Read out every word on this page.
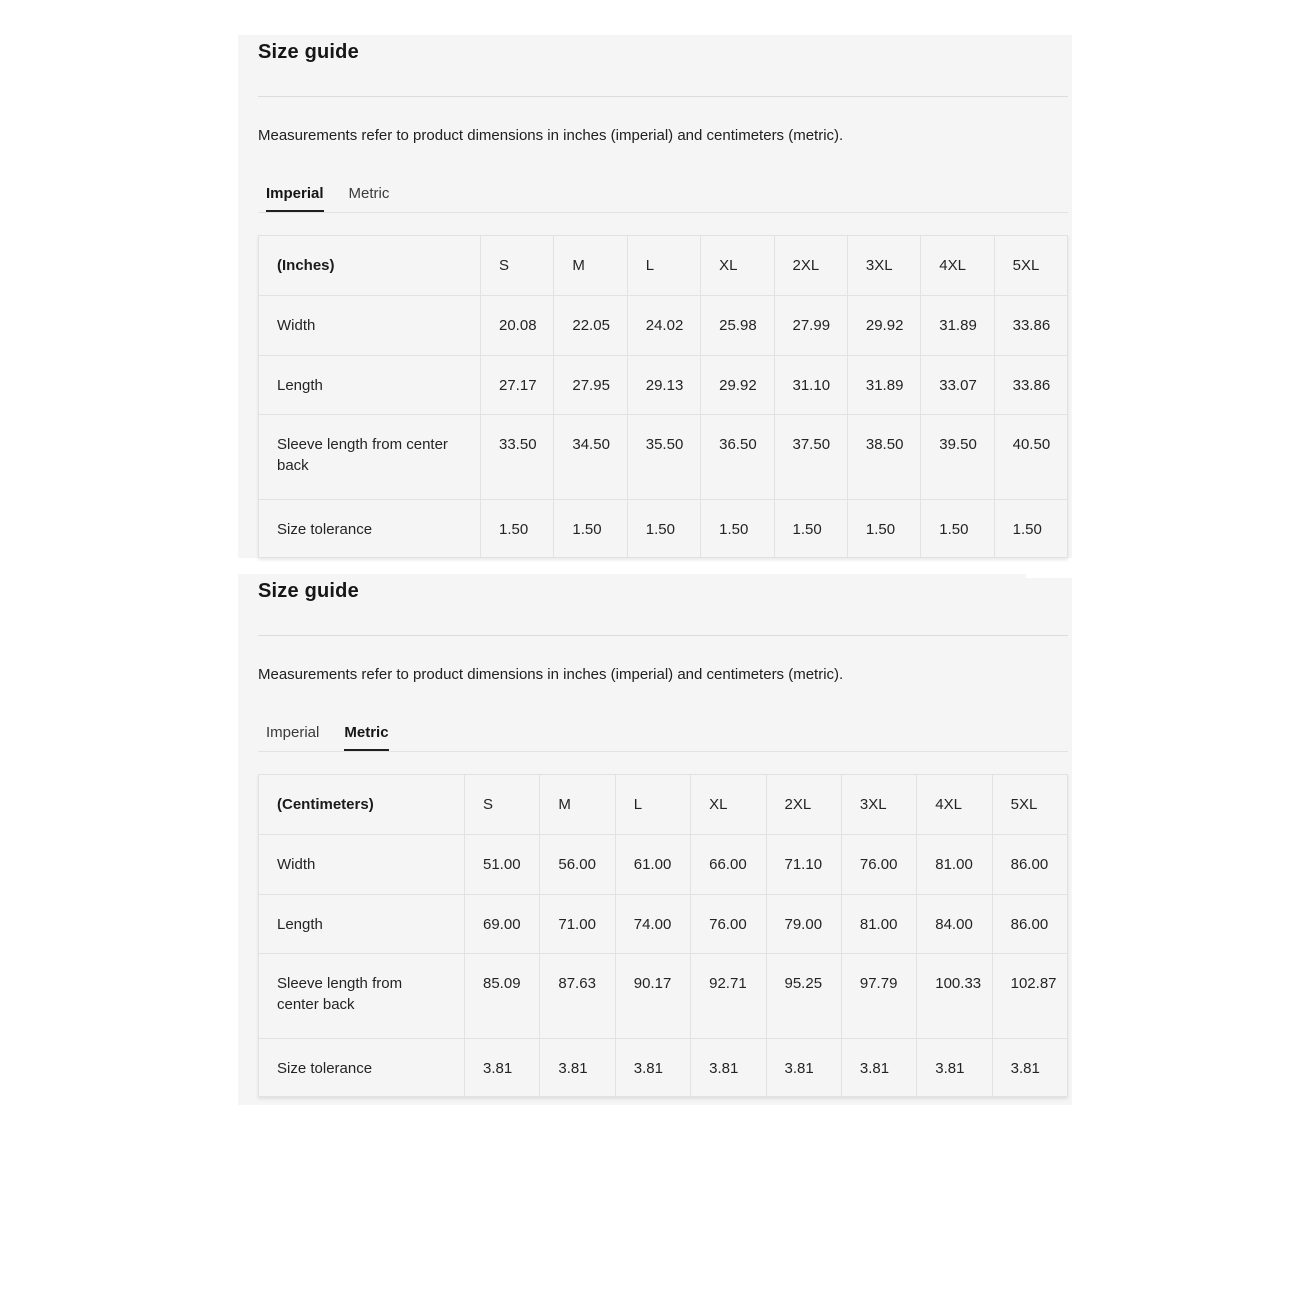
Size guide

Measurements refer to product dimensions in inches (imperial) and centimeters (metric).

Imperial Metric
(Inches)	S	M	L	XL	2XL	3XL	4XL	5XL
Width	20.08	22.05	24.02	25.98	27.99	29.92	31.89	33.86
Length	27.17	27.95	29.13	29.92	31.10	31.89	33.07	33.86
Sleeve length from center back	33.50	34.50	35.50	36.50	37.50	38.50	39.50	40.50
Size tolerance	1.50	1.50	1.50	1.50	1.50	1.50	1.50	1.50
Size guide

Measurements refer to product dimensions in inches (imperial) and centimeters (metric).

Imperial Metric
(Centimeters)	S	M	L	XL	2XL	3XL	4XL	5XL
Width	51.00	56.00	61.00	66.00	71.10	76.00	81.00	86.00
Length	69.00	71.00	74.00	76.00	79.00	81.00	84.00	86.00
Sleeve length from center back	85.09	87.63	90.17	92.71	95.25	97.79	100.33	102.87
Size tolerance	3.81	3.81	3.81	3.81	3.81	3.81	3.81	3.81
